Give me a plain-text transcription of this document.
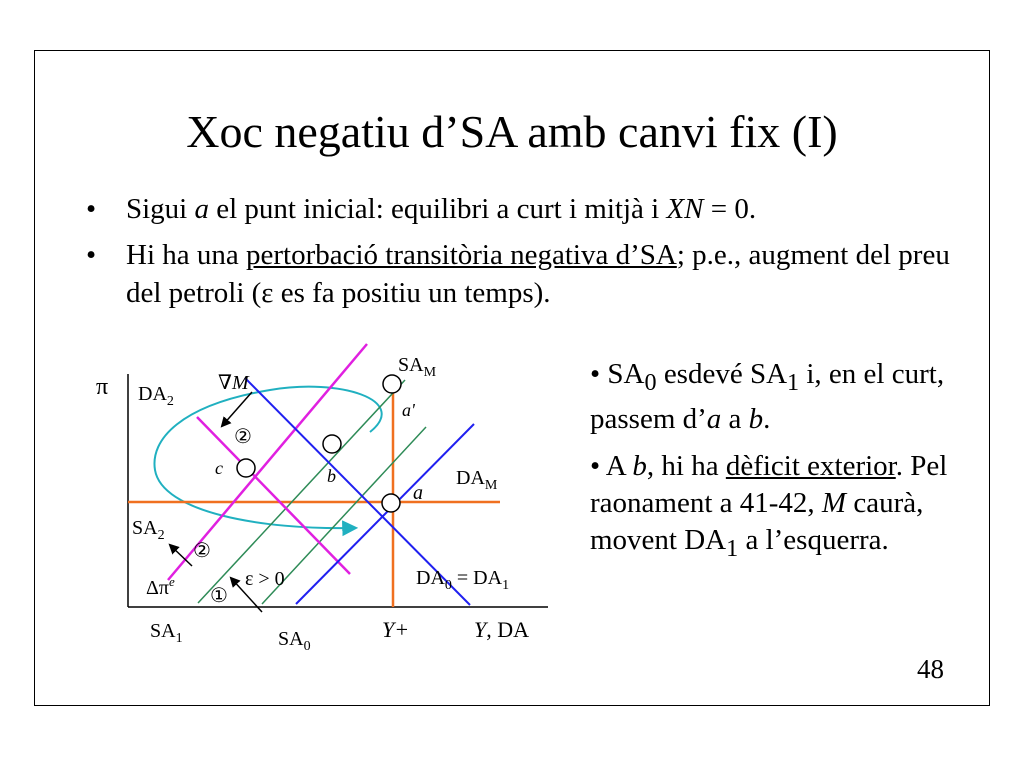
Xoc negatiu d’SA amb canvi fix (I)
• Sigui a el punt inicial: equilibri a curt i mitjà i XN = 0.
• Hi ha una pertorbació transitòria negativa d’SA; p.e., augment del preu del petroli (ε es fa positiu un temps).

• $SA_0$ esdevé $SA_1$ i, en el curt, passem d’a a b.

• A b, hi ha dèficit exterior. Pel raonament a 41-42, M caurà, movent $DA_1$ a l’esquerra.

48
π
Y, DA
Y+
$SA_M$
$DA_2$
$DA_M$
$SA_2$
$DA_0 = DA_1$
$SA_1$	$SA_0$
a
a'
b
c
∇M
②
②
①
ε > 0
$\Delta\pi^e$
